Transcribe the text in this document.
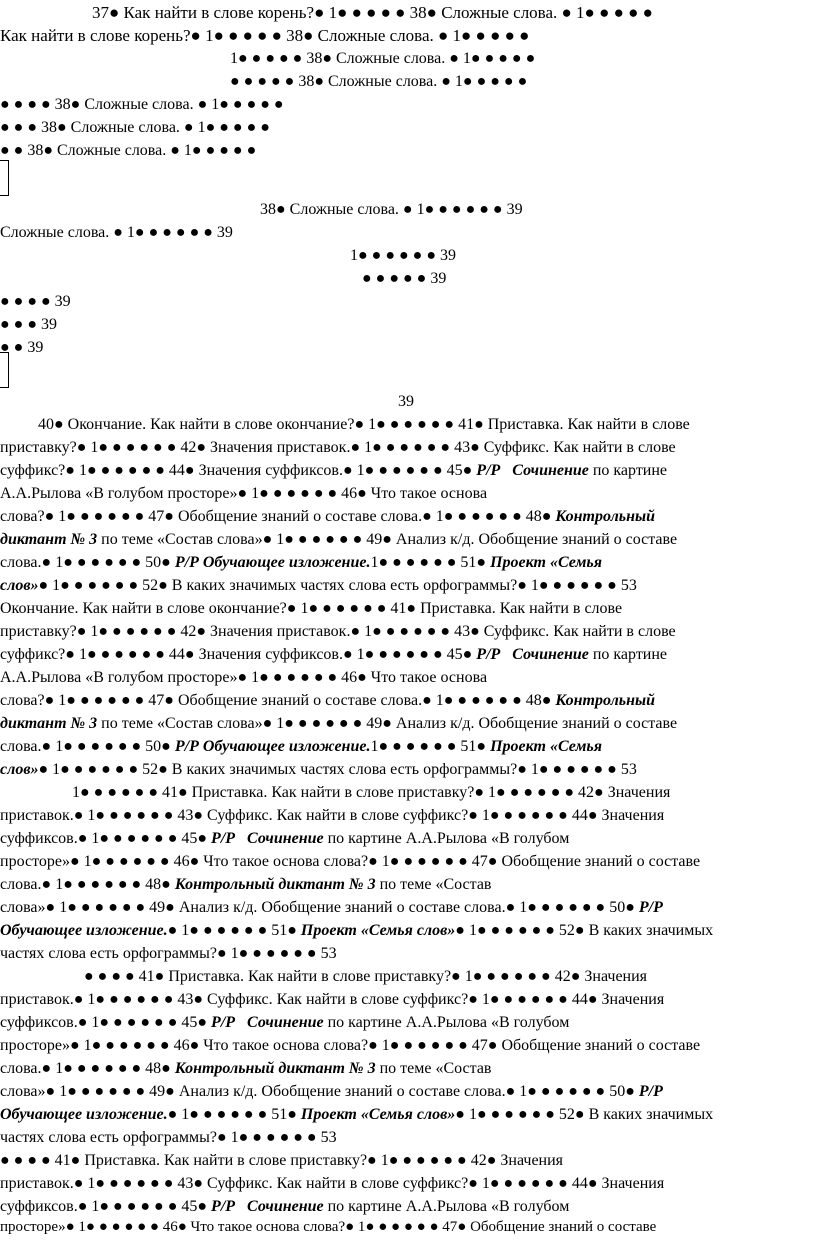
37● Как найти в слове корень?● 1● ● ● ● ● 38● Сложные слова. ● 1● ● ● ● ●
Как найти в слове корень?● 1● ● ● ● ● 38● Сложные слова. ● 1● ● ● ● ●
1● ● ● ● ● 38● Сложные слова. ● 1● ● ● ● ●
● ● ● ● ● 38● Сложные слова. ● 1● ● ● ● ●
● ● ● ● 38● Сложные слова. ● 1● ● ● ● ●
● ● ● 38● Сложные слова. ● 1● ● ● ● ●
● ● 38● Сложные слова. ● 1● ● ● ● ●
38● Сложные слова. ● 1● ● ● ● ● ● 39
Сложные слова. ● 1● ● ● ● ● ● 39
1● ● ● ● ● ● 39
● ● ● ● ● 39
● ● ● ● 39
● ● ● 39
● ● 39
39
40● Окончание. Как найти в слове окончание?● 1● ● ● ● ● ● 41● Приставка. Как найти в слове
приставку?● 1● ● ● ● ● ● 42● Значения приставок.● 1● ● ● ● ● ● 43● Суффикс. Как найти в слове
суффикс?● 1● ● ● ● ● ● 44● Значения суффиксов.● 1● ● ● ● ● ● 45● Р/Р Сочинение по картине
А.А.Рылова «В голубом просторе»● 1● ● ● ● ● ● 46● Что такое основа
слова?● 1● ● ● ● ● ● 47● Обобщение знаний о составе слова.● 1● ● ● ● ● ● 48● Контрольный
диктант № 3 по теме «Состав слова»● 1● ● ● ● ● ● 49● Анализ к/д. Обобщение знаний о составе
слова.● 1● ● ● ● ● ● 50● Р/Р Обучающее изложение.1● ● ● ● ● ● 51● Проект «Семья
слов»● 1● ● ● ● ● ● 52● В каких значимых частях слова есть орфограммы?● 1● ● ● ● ● ● 53
Окончание. Как найти в слове окончание?● 1● ● ● ● ● ● 41● Приставка. Как найти в слове
приставку?● 1● ● ● ● ● ● 42● Значения приставок.● 1● ● ● ● ● ● 43● Суффикс. Как найти в слове
суффикс?● 1● ● ● ● ● ● 44● Значения суффиксов.● 1● ● ● ● ● ● 45● Р/Р Сочинение по картине
А.А.Рылова «В голубом просторе»● 1● ● ● ● ● ● 46● Что такое основа
слова?● 1● ● ● ● ● ● 47● Обобщение знаний о составе слова.● 1● ● ● ● ● ● 48● Контрольный
диктант № 3 по теме «Состав слова»● 1● ● ● ● ● ● 49● Анализ к/д. Обобщение знаний о составе
слова.● 1● ● ● ● ● ● 50● Р/Р Обучающее изложение.1● ● ● ● ● ● 51● Проект «Семья
слов»● 1● ● ● ● ● ● 52● В каких значимых частях слова есть орфограммы?● 1● ● ● ● ● ● 53
1● ● ● ● ● ● 41● Приставка. Как найти в слове приставку?● 1● ● ● ● ● ● 42● Значения
приставок.● 1● ● ● ● ● ● 43● Суффикс. Как найти в слове суффикс?● 1● ● ● ● ● ● 44● Значения
суффиксов.● 1● ● ● ● ● ● 45● Р/Р Сочинение по картине А.А.Рылова «В голубом
просторе»● 1● ● ● ● ● ● 46● Что такое основа слова?● 1● ● ● ● ● ● 47● Обобщение знаний о составе
слова.● 1● ● ● ● ● ● 48● Контрольный диктант № 3 по теме «Состав
слова»● 1● ● ● ● ● ● 49● Анализ к/д. Обобщение знаний о составе слова.● 1● ● ● ● ● ● 50● Р/Р
Обучающее изложение.● 1● ● ● ● ● ● 51● Проект «Семья слов»● 1● ● ● ● ● ● 52● В каких значимых
частях слова есть орфограммы?● 1● ● ● ● ● ● 53
● ● ● ● 41● Приставка. Как найти в слове приставку?● 1● ● ● ● ● ● 42● Значения
приставок.● 1● ● ● ● ● ● 43● Суффикс. Как найти в слове суффикс?● 1● ● ● ● ● ● 44● Значения
суффиксов.● 1● ● ● ● ● ● 45● Р/Р Сочинение по картине А.А.Рылова «В голубом
просторе»● 1● ● ● ● ● ● 46● Что такое основа слова?● 1● ● ● ● ● ● 47● Обобщение знаний о составе
слова.● 1● ● ● ● ● ● 48● Контрольный диктант № 3 по теме «Состав
слова»● 1● ● ● ● ● ● 49● Анализ к/д. Обобщение знаний о составе слова.● 1● ● ● ● ● ● 50● Р/Р
Обучающее изложение.● 1● ● ● ● ● ● 51● Проект «Семья слов»● 1● ● ● ● ● ● 52● В каких значимых
частях слова есть орфограммы?● 1● ● ● ● ● ● 53
● ● ● ● 41● Приставка. Как найти в слове приставку?● 1● ● ● ● ● ● 42● Значения
приставок.● 1● ● ● ● ● ● 43● Суффикс. Как найти в слове суффикс?● 1● ● ● ● ● ● 44● Значения
суффиксов.● 1● ● ● ● ● ● 45● Р/Р Сочинение по картине А.А.Рылова «В голубом
просторе»● 1● ● ● ● ● ● 46● Что такое основа слова?● 1● ● ● ● ● ● 47● Обобщение знаний о составе
